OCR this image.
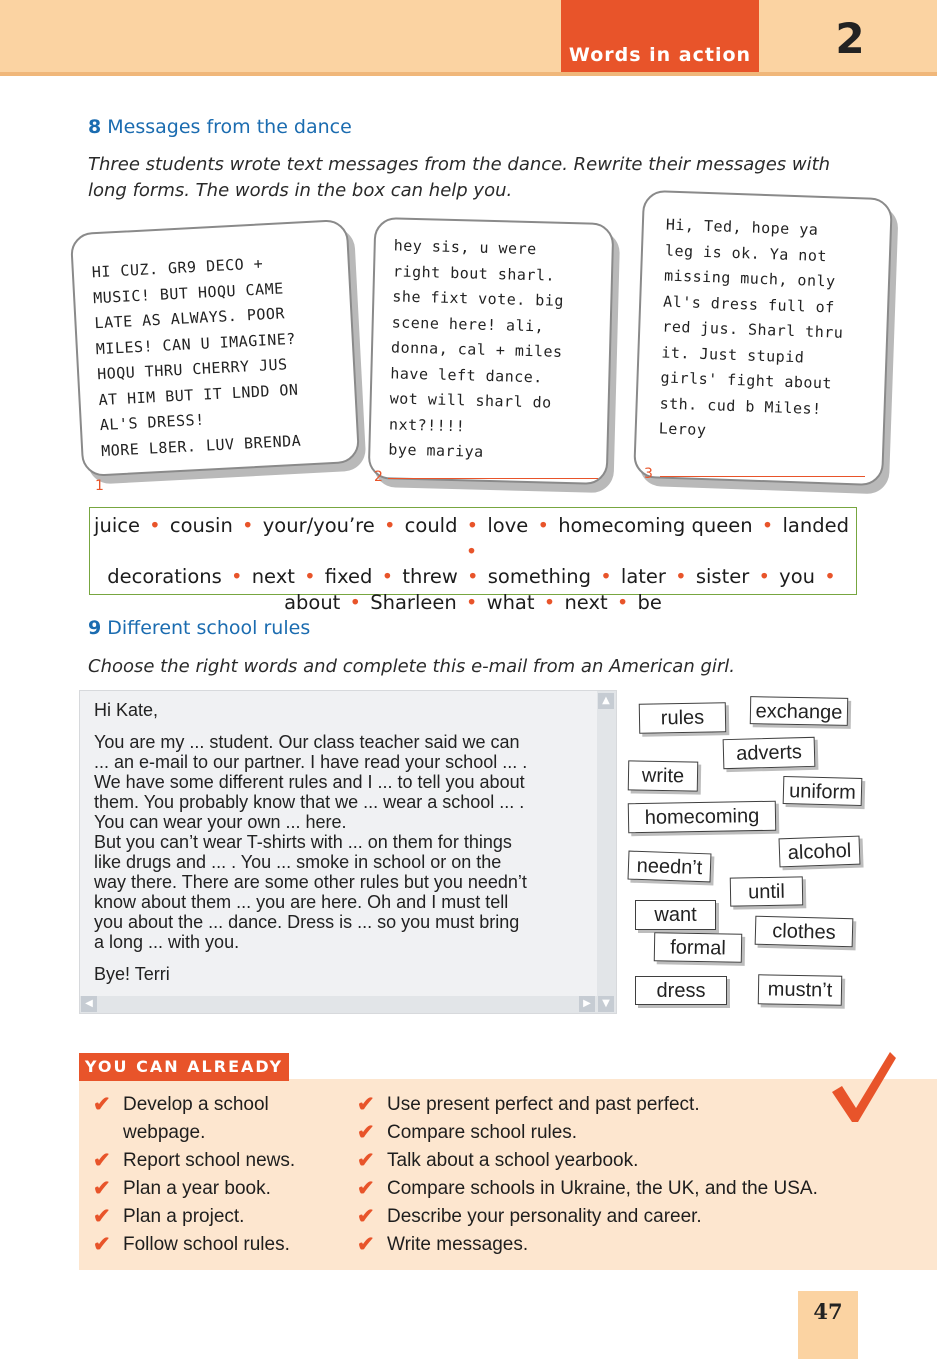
Words in action	2
8 Messages from the dance
Three students wrote text messages from the dance. Rewrite their messages with long forms. The words in the box can help you.
HI CUZ. GR9 DECO +
MUSIC! BUT HOQU CAME
LATE AS ALWAYS. POOR
MILES! CAN U IMAGINE?
HOQU THRU CHERRY JUS
AT HIM BUT IT LNDD ON
AL'S DRESS!
MORE L8ER. LUV BRENDA
1
hey sis, u were
right bout sharl.
she fixt vote. big
scene here! ali,
donna, cal + miles
have left dance.
wot will sharl do
nxt?!!!!
bye mariya
2
Hi, Ted, hope ya
leg is ok. Ya not
missing much, only
Al's dress full of
red jus. Sharl thru
it. Just stupid
girls' fight about
sth. cud b Miles!
Leroy
3
juice • cousin • your/you’re • could • love • homecoming queen • landed •
decorations • next • fixed • threw • something • later • sister • you •
about • Sharleen • what • next • be
9 Different school rules
Choose the right words and complete this e-mail from an American girl.
Hi Kate,
You are my ... student. Our class teacher said we can
... an e-mail to our partner. I have read your school ... .
We have some different rules and I ... to tell you about
them. You probably know that we ... wear a school ... .
You can wear your own ... here.
But you can’t wear T-shirts with ... on them for things
like drugs and ... . You ... smoke in school or on the
way there. There are some other rules but you needn’t
know about them ... you are here. Oh and I must tell
you about the ... dance. Dress is ... so you must bring
a long ... with you.
Bye! Terri
▲
▼
◀	▶
rules	exchange
adverts
write
uniform
homecoming
alcohol
needn’t
until
want
clothes
formal
dress	mustn’t
YOU CAN ALREADY
✔ Develop a school webpage.
✔ Report school news.
✔ Plan a year book.
✔ Plan a project.
✔ Follow school rules.
✔ Use present perfect and past perfect.
✔ Compare school rules.
✔ Talk about a school yearbook.
✔ Compare schools in Ukraine, the UK, and the USA.
✔ Describe your personality and career.
✔ Write messages.
47
